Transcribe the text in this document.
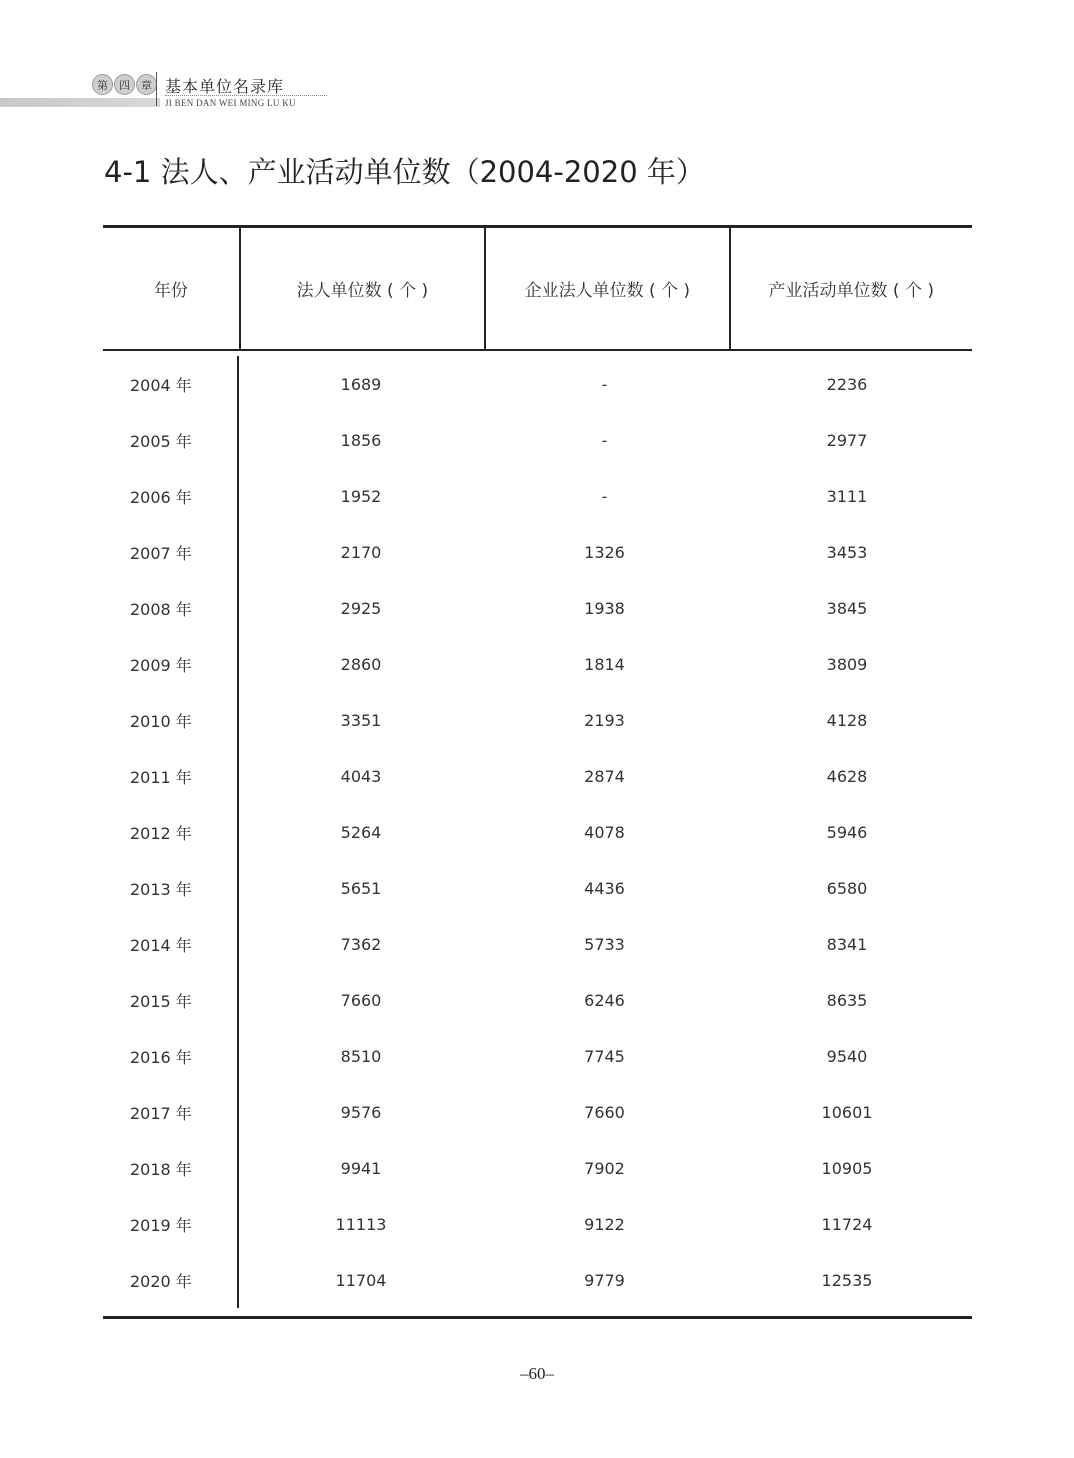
第	四	章 基本单位名录库
JI BEN DAN WEI MING LU KU
4-1 法人、产业活动单位数（2004-2020 年）
年份	法人单位数 ( 个 )	企业法人单位数 ( 个 )	产业活动单位数 ( 个 )
2004 年	1689	-	2236
2005 年	1856	-	2977
2006 年	1952	-	3111
2007 年	2170	1326	3453
2008 年	2925	1938	3845
2009 年	2860	1814	3809
2010 年	3351	2193	4128
2011 年	4043	2874	4628
2012 年	5264	4078	5946
2013 年	5651	4436	6580
2014 年	7362	5733	8341
2015 年	7660	6246	8635
2016 年	8510	7745	9540
2017 年	9576	7660	10601
2018 年	9941	7902	10905
2019 年	11113	9122	11724
2020 年	11704	9779	12535
–60–
